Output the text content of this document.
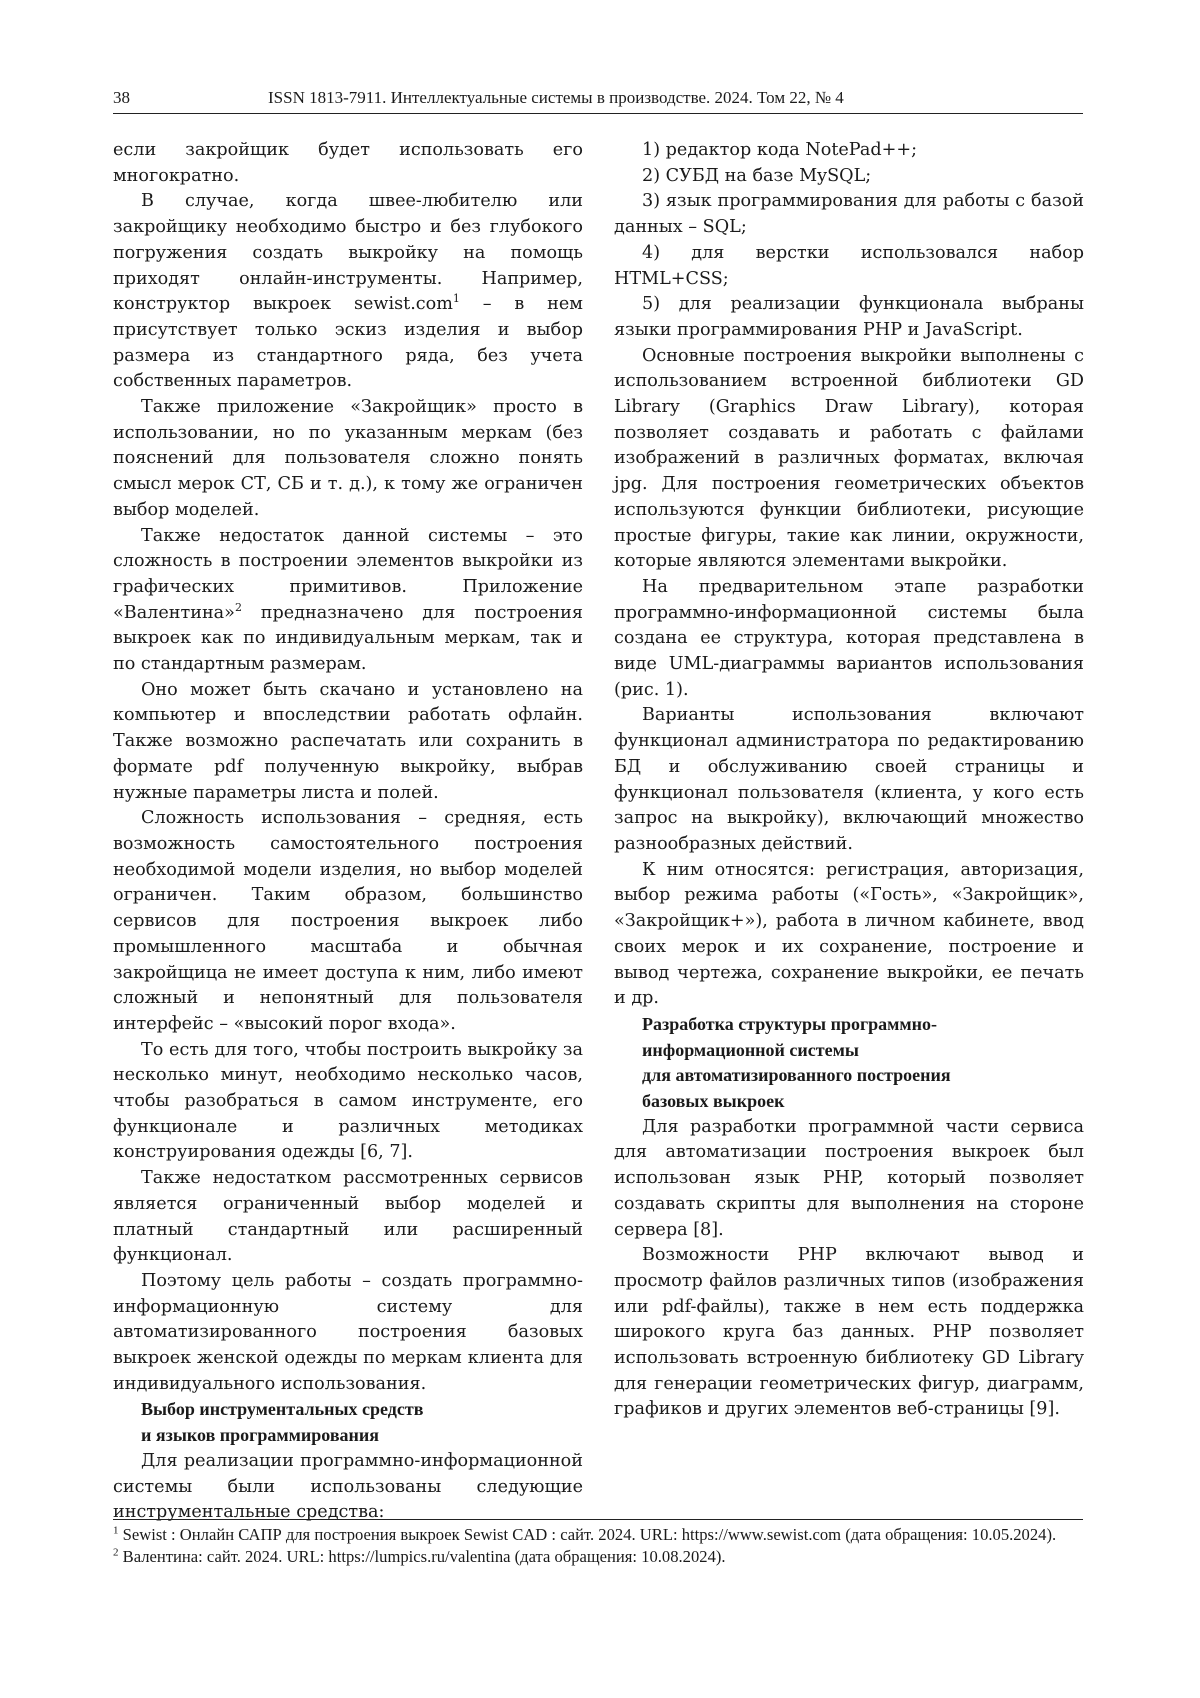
38	ISSN 1813-7911. Интеллектуальные системы в производстве. 2024. Том 22, № 4

если закройщик будет использовать его многократно.

В случае, когда швее-любителю или закройщику необходимо быстро и без глубокого погружения создать выкройку на помощь приходят онлайн-инструменты. Например, конструктор выкроек sewist.com$^1$ – в нем присутствует только эскиз изделия и выбор размера из стандартного ряда, без учета собственных параметров.

Также приложение «Закройщик» просто в использовании, но по указанным меркам (без пояснений для пользователя сложно понять смысл мерок СТ, СБ и т. д.), к тому же ограничен выбор моделей.

Также недостаток данной системы – это сложность в построении элементов выкройки из графических примитивов. Приложение «Валентина»$^2$ предназначено для построения выкроек как по индивидуальным меркам, так и по стандартным размерам.

Оно может быть скачано и установлено на компьютер и впоследствии работать офлайн. Также возможно распечатать или сохранить в формате pdf полученную выкройку, выбрав нужные параметры листа и полей.

Сложность использования – средняя, есть возможность самостоятельного построения необходимой модели изделия, но выбор моделей ограничен. Таким образом, большинство сервисов для построения выкроек либо промышленного масштаба и обычная закройщица не имеет доступа к ним, либо имеют сложный и непонятный для пользователя интерфейс – «высокий порог входа».

То есть для того, чтобы построить выкройку за несколько минут, необходимо несколько часов, чтобы разобраться в самом инструменте, его функционале и различных методиках конструирования одежды [6, 7].

Также недостатком рассмотренных сервисов является ограниченный выбор моделей и платный стандартный или расширенный функционал.

Поэтому цель работы – создать программно-информационную систему для автоматизированного построения базовых выкроек женской одежды по меркам клиента для индивидуального использования.

Выбор инструментальных средств
и языков программирования

Для реализации программно-информационной системы были использованы следующие инструментальные средства:

1) редактор кода NotePad++;

2) СУБД на базе MySQL;

3) язык программирования для работы с базой данных – SQL;

4) для верстки использовался набор HTML+CSS;

5) для реализации функционала выбраны языки программирования PHP и JavaScript.

Основные построения выкройки выполнены с использованием встроенной библиотеки GD Library (Graphics Draw Library), которая позволяет создавать и работать с файлами изображений в различных форматах, включая jpg. Для построения геометрических объектов используются функции библиотеки, рисующие простые фигуры, такие как линии, окружности, которые являются элементами выкройки.

На предварительном этапе разработки программно-информационной системы была создана ее структура, которая представлена в виде UML-диаграммы вариантов использования (рис. 1).

Варианты использования включают функционал администратора по редактированию БД и обслуживанию своей страницы и функционал пользователя (клиента, у кого есть запрос на выкройку), включающий множество разнообразных действий.

К ним относятся: регистрация, авторизация, выбор режима работы («Гость», «Закройщик», «Закройщик+»), работа в личном кабинете, ввод своих мерок и их сохранение, построение и вывод чертежа, сохранение выкройки, ее печать и др.

Разработка структуры программно-
информационной системы
для автоматизированного построения
базовых выкроек

Для разработки программной части сервиса для автоматизации построения выкроек был использован язык PHP, который позволяет создавать скрипты для выполнения на стороне сервера [8].

Возможности PHP включают вывод и просмотр файлов различных типов (изображения или pdf-файлы), также в нем есть поддержка широкого круга баз данных. PHP позволяет использовать встроенную библиотеку GD Library для генерации геометрических фигур, диаграмм, графиков и других элементов веб-страницы [9].

$^1$ Sewist : Онлайн САПР для построения выкроек Sewist CAD : сайт. 2024. URL: https://www.sewist.com (дата обращения: 10.05.2024).
$^2$ Валентина: сайт. 2024. URL: https://lumpics.ru/valentina (дата обращения: 10.08.2024).
